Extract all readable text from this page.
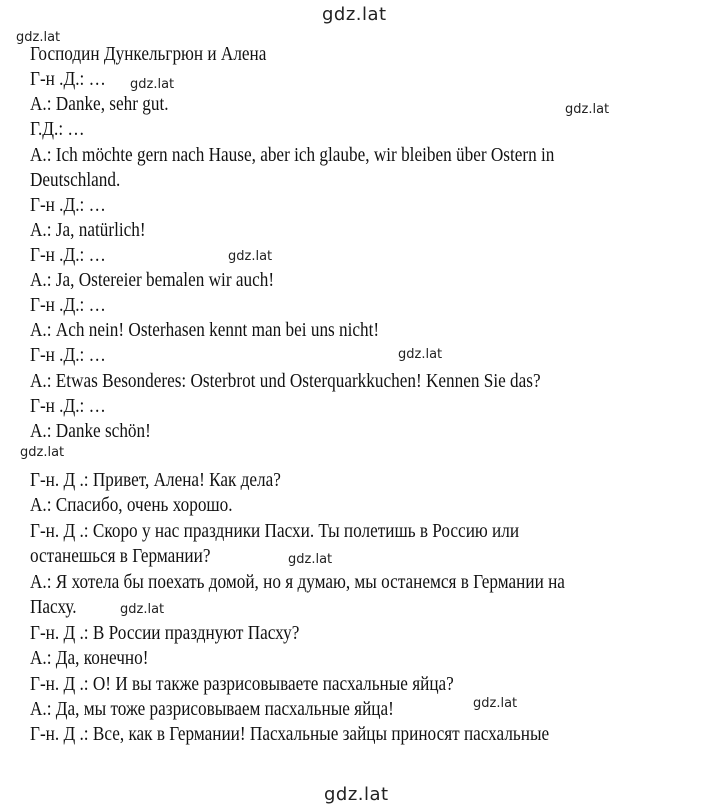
gdz.lat
gdz.lat
gdz.lat
gdz.lat
gdz.lat
gdz.lat
gdz.lat
gdz.lat
gdz.lat
gdz.lat
gdz.lat
Господин Дункельгрюн и Алена
Г-н .Д.: …
А.: Danke, sehr gut.
Г.Д.: …
А.: Ich möchte gern nach Hause, aber ich glaube, wir bleiben über Ostern in
Deutschland.
Г-н .Д.: …
А.: Ja, natürlich!
Г-н .Д.: …
А.: Ja, Ostereier bemalen wir auch!
Г-н .Д.: …
А.: Ach nein! Osterhasen kennt man bei uns nicht!
Г-н .Д.: …
А.: Etwas Besonderes: Osterbrot und Osterquarkkuchen! Kennen Sie das?
Г-н .Д.: …
А.: Danke schön!
Г-н. Д .: Привет, Алена! Как дела?
А.: Спасибо, очень хорошо.
Г-н. Д .: Скоро у нас праздники Пасхи. Ты полетишь в Россию или
останешься в Германии?
А.: Я хотела бы поехать домой, но я думаю, мы останемся в Германии на
Пасху.
Г-н. Д .: В России празднуют Пасху?
А.: Да, конечно!
Г-н. Д .: О! И вы также разрисовываете пасхальные яйца?
А.: Да, мы тоже разрисовываем пасхальные яйца!
Г-н. Д .: Все, как в Германии! Пасхальные зайцы приносят пасхальные
